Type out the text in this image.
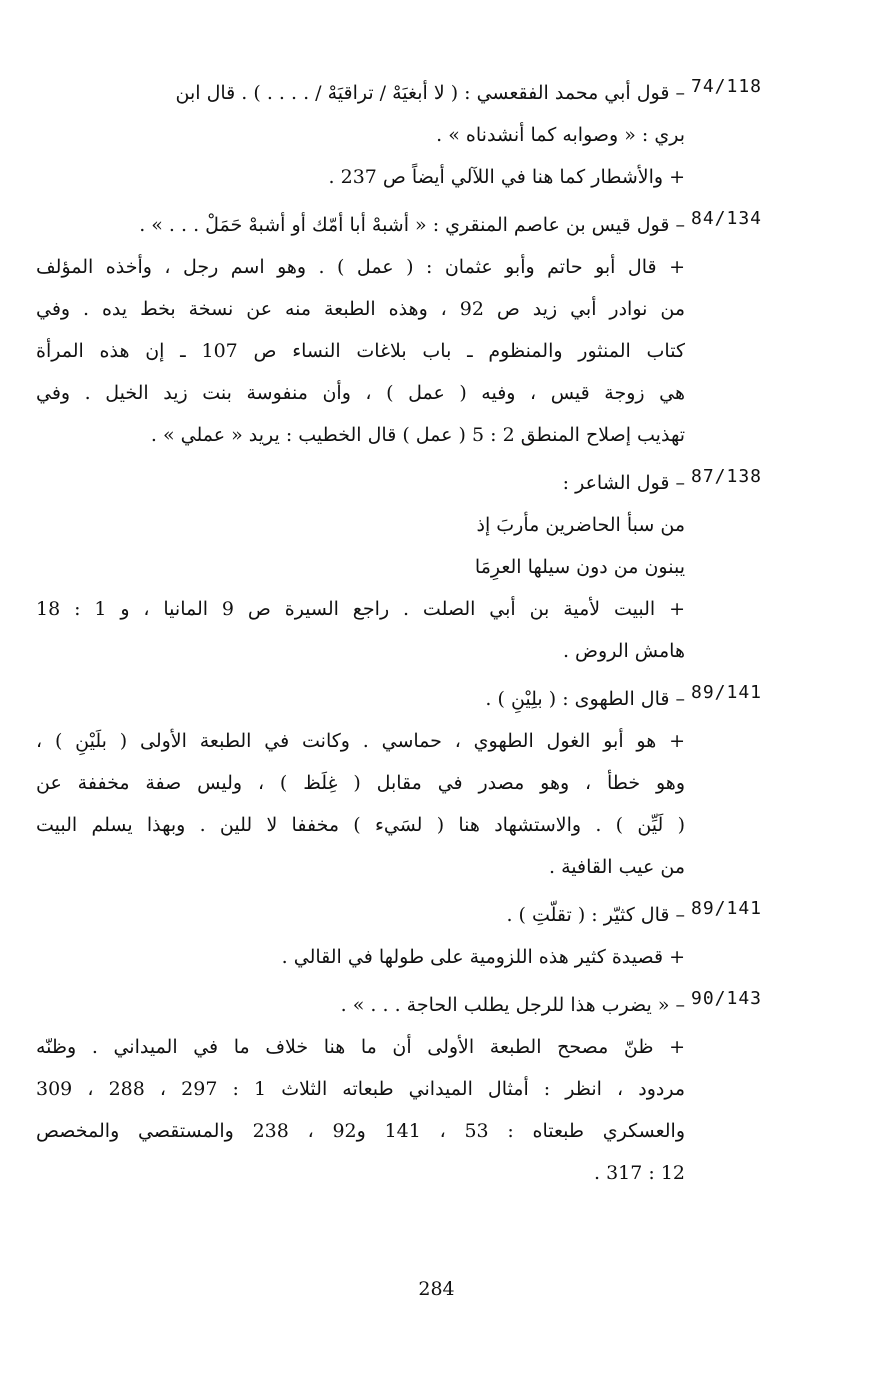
74/118
– قول أبي محمد الفقعسي : ( لا أبغيَهْ / تراقيَهْ / . . . . ) . قال ابن
بري : « وصوابه كما أنشدناه » .
+ والأشطار كما هنا في اللآلي أيضاً ص 237 .
84/134
– قول قيس بن عاصم المنقري : « أشبهْ أبا أمّك أو أشبهْ حَمَلْ . . . » .
+ قال أبو حاتم وأبو عثمان : ( عمل ) . وهو اسم رجل ، وأخذه المؤلف
من نوادر أبي زيد ص 92 ، وهذه الطبعة منه عن نسخة بخط يده . وفي
كتاب المنثور والمنظوم ـ باب بلاغات النساء ص 107 ـ إن هذه المرأة
هي زوجة قيس ، وفيه ( عمل ) ، وأن منفوسة بنت زيد الخيل . وفي
تهذيب إصلاح المنطق 2 : 5 ( عمل ) قال الخطيب : يريد « عملي » .
87/138
– قول الشاعر :
من سبأ الحاضرين مأربَ إذ
يبنون من دون سيلها العرِمَا
+ البيت لأمية بن أبي الصلت . راجع السيرة ص 9 المانيا ، و 1 : 18
هامش الروض .
89/141
– قال الطهوى : ( بلِيْنِ ) .
+ هو أبو الغول الطهوي ، حماسي . وكانت في الطبعة الأولى ( بلَيْنِ ) ،
وهو خطأ ، وهو مصدر في مقابل ( غِلَظ ) ، وليس صفة مخففة عن
( لَيِّن ) . والاستشهاد هنا ( لسَيء ) مخففا لا للين . وبهذا يسلم البيت
من عيب القافية .
89/141
– قال كثيّر : ( تقلّتِ ) .
+ قصيدة كثير هذه اللزومية على طولها في القالي .
90/143
– « يضرب هذا للرجل يطلب الحاجة . . . » .
+ ظنّ مصحح الطبعة الأولى أن ما هنا خلاف ما في الميداني . وظنّه
مردود ، انظر : أمثال الميداني طبعاته الثلاث 1 : 297 ، 288 ، 309
والعسكري طبعتاه : 53 ، 141 و92 ، 238 والمستقصي والمخصص
12 : 317 .
284
